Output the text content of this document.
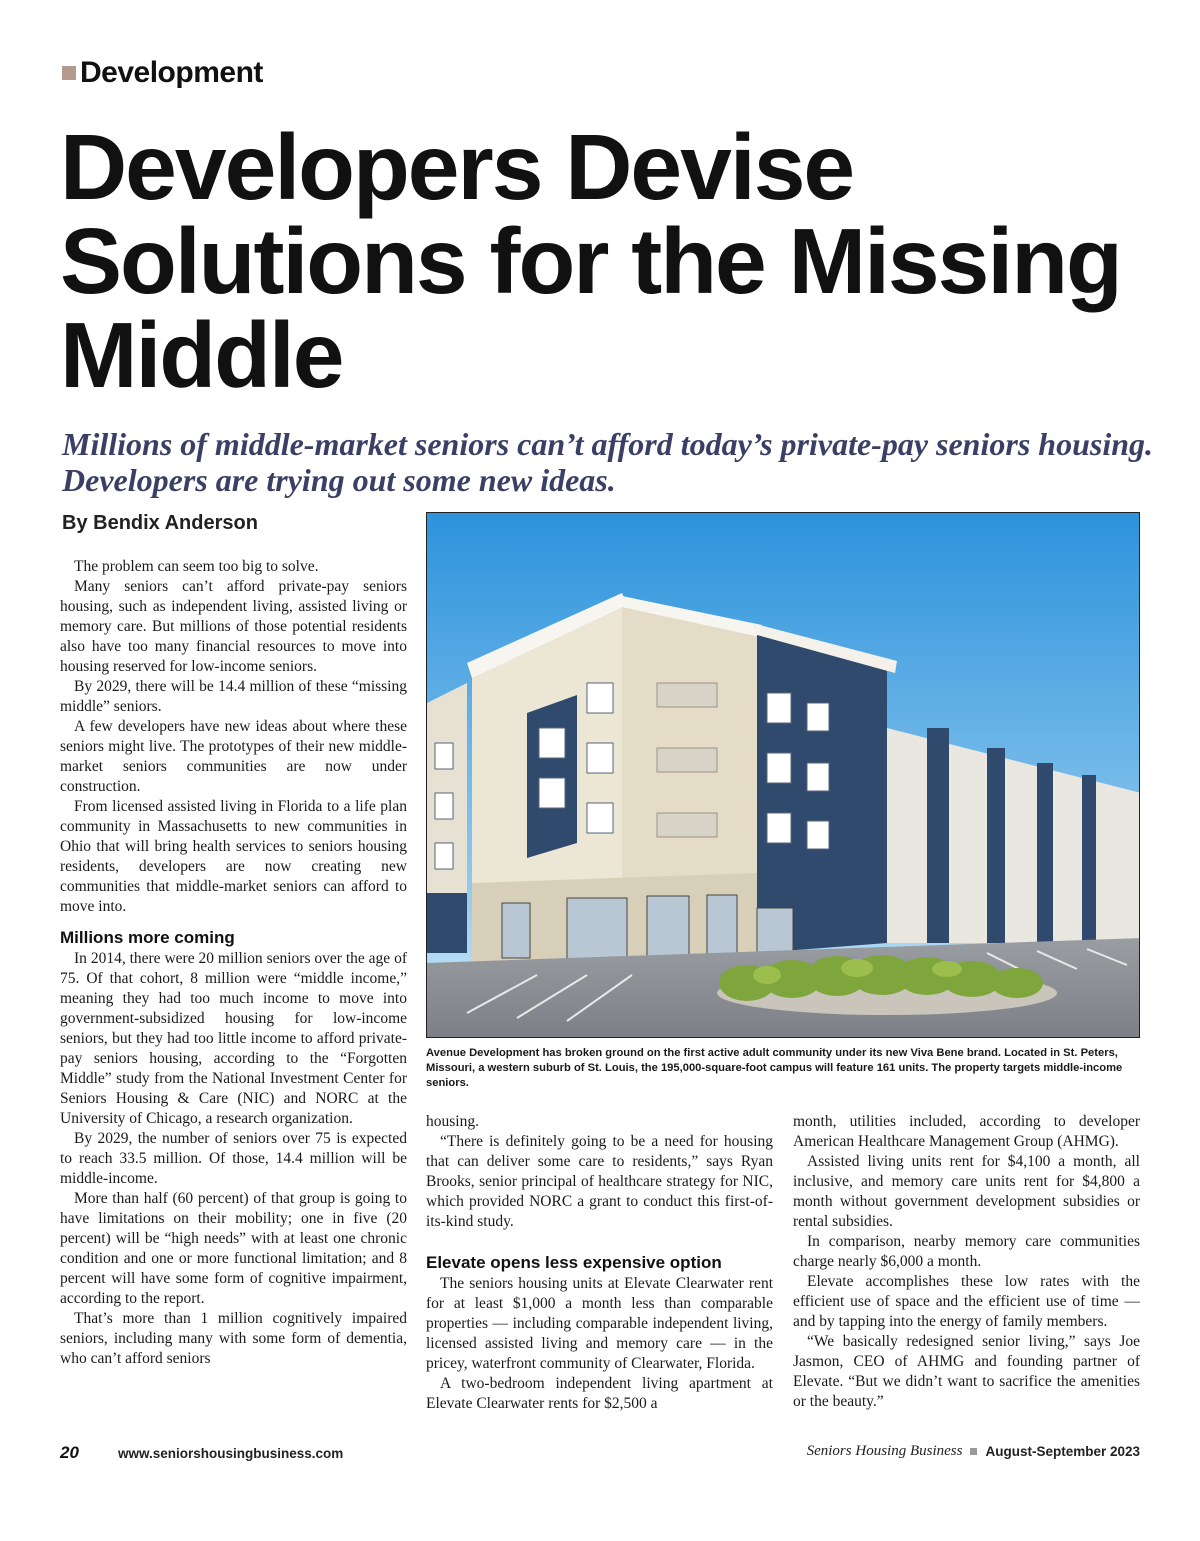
Development
Developers Devise Solutions for the Missing Middle

Millions of middle-market seniors can’t afford today’s private-pay seniors housing. Developers are trying out some new ideas.

By Bendix Anderson

The problem can seem too big to solve.

Many seniors can’t afford private-pay seniors housing, such as independent living, assisted living or memory care. But millions of those potential residents also have too many financial resources to move into housing reserved for low-income seniors.

By 2029, there will be 14.4 million of these “missing middle” seniors.

A few developers have new ideas about where these seniors might live. The prototypes of their new middle-market seniors communities are now under construction.

From licensed assisted living in Florida to a life plan community in Massachusetts to new communities in Ohio that will bring health services to seniors housing residents, developers are now creating new communities that middle-market seniors can afford to move into.

Millions more coming

In 2014, there were 20 million seniors over the age of 75. Of that cohort, 8 million were “middle income,” meaning they had too much income to move into government-subsidized housing for low-income seniors, but they had too little income to afford private-pay seniors housing, according to the “Forgotten Middle” study from the National Investment Center for Seniors Housing & Care (NIC) and NORC at the University of Chicago, a research organization.

By 2029, the number of seniors over 75 is expected to reach 33.5 million. Of those, 14.4 million will be middle-income.

More than half (60 percent) of that group is going to have limitations on their mobility; one in five (20 percent) will be “high needs” with at least one chronic condition and one or more functional limitation; and 8 percent will have some form of cognitive impairment, according to the report.

That’s more than 1 million cognitively impaired seniors, including many with some form of dementia, who can’t afford seniors

Avenue Development has broken ground on the first active adult community under its new Viva Bene brand. Located in St. Peters, Missouri, a western suburb of St. Louis, the 195,000-square-foot campus will feature 161 units. The property targets middle-income seniors.

housing.

“There is definitely going to be a need for housing that can deliver some care to residents,” says Ryan Brooks, senior principal of healthcare strategy for NIC, which provided NORC a grant to conduct this first-of-its-kind study.

Elevate opens less expensive option

The seniors housing units at Elevate Clearwater rent for at least $1,000 a month less than comparable properties — including comparable independent living, licensed assisted living and memory care — in the pricey, waterfront community of Clearwater, Florida.

A two-bedroom independent living apartment at Elevate Clearwater rents for $2,500 a

month, utilities included, according to developer American Healthcare Management Group (AHMG).

Assisted living units rent for $4,100 a month, all inclusive, and memory care units rent for $4,800 a month without government development subsidies or rental subsidies.

In comparison, nearby memory care communities charge nearly $6,000 a month.

Elevate accomplishes these low rates with the efficient use of space and the efficient use of time — and by tapping into the energy of family members.

“We basically redesigned senior living,” says Joe Jasmon, CEO of AHMG and founding partner of Elevate. “But we didn’t want to sacrifice the amenities or the beauty.”

20	www.seniorshousingbusiness.com	Seniors Housing Business August-September 2023
